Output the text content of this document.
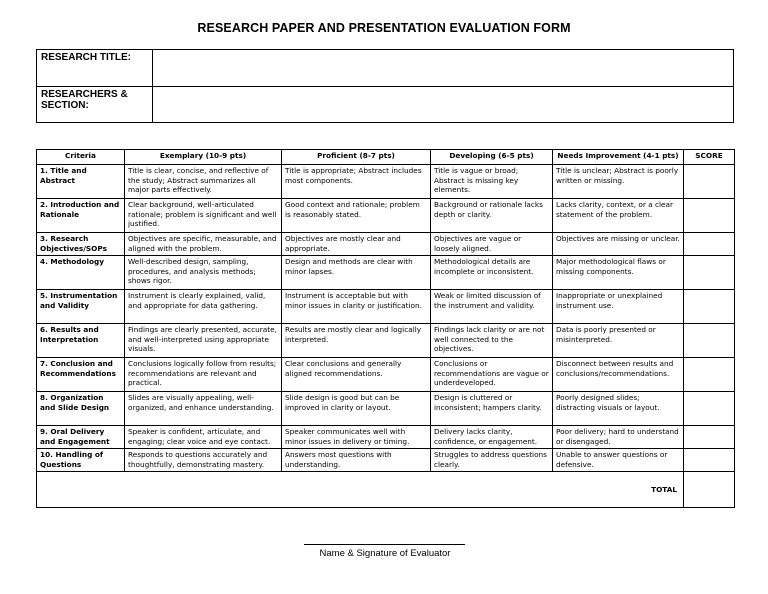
RESEARCH PAPER AND PRESENTATION EVALUATION FORM
RESEARCH TITLE:	
RESEARCHERS & SECTION:	
Criteria	Exemplary (10-9 pts)	Proficient (8-7 pts)	Developing (6-5 pts)	Needs Improvement (4-1 pts)	SCORE
1. Title and Abstract	Title is clear, concise, and reflective of the study; Abstract summarizes all major parts effectively.	Title is appropriate; Abstract includes most components.	Title is vague or broad; Abstract is missing key elements.	Title is unclear; Abstract is poorly written or missing.	
2. Introduction and Rationale	Clear background, well-articulated rationale; problem is significant and well justified.	Good context and rationale; problem is reasonably stated.	Background or rationale lacks depth or clarity.	Lacks clarity, context, or a clear statement of the problem.	
3. Research Objectives/SOPs	Objectives are specific, measurable, and aligned with the problem.	Objectives are mostly clear and appropriate.	Objectives are vague or loosely aligned.	Objectives are missing or unclear.	
4. Methodology	Well-described design, sampling, procedures, and analysis methods; shows rigor.	Design and methods are clear with minor lapses.	Methodological details are incomplete or inconsistent.	Major methodological flaws or missing components.	
5. Instrumentation and Validity	Instrument is clearly explained, valid, and appropriate for data gathering.	Instrument is acceptable but with minor issues in clarity or justification.	Weak or limited discussion of the instrument and validity.	Inappropriate or unexplained instrument use.	
6. Results and Interpretation	Findings are clearly presented, accurate, and well-interpreted using appropriate visuals.	Results are mostly clear and logically interpreted.	Findings lack clarity or are not well connected to the objectives.	Data is poorly presented or misinterpreted.	
7. Conclusion and Recommendations	Conclusions logically follow from results; recommendations are relevant and practical.	Clear conclusions and generally aligned recommendations.	Conclusions or recommendations are vague or underdeveloped.	Disconnect between results and conclusions/recommendations.	
8. Organization and Slide Design	Slides are visually appealing, well-organized, and enhance understanding.	Slide design is good but can be improved in clarity or layout.	Design is cluttered or inconsistent; hampers clarity.	Poorly designed slides; distracting visuals or layout.	
9. Oral Delivery and Engagement	Speaker is confident, articulate, and engaging; clear voice and eye contact.	Speaker communicates well with minor issues in delivery or timing.	Delivery lacks clarity, confidence, or engagement.	Poor delivery; hard to understand or disengaged.	
10. Handling of Questions	Responds to questions accurately and thoughtfully, demonstrating mastery.	Answers most questions with understanding.	Struggles to address questions clearly.	Unable to answer questions or defensive.	
TOTAL					
Name & Signature of Evaluator
